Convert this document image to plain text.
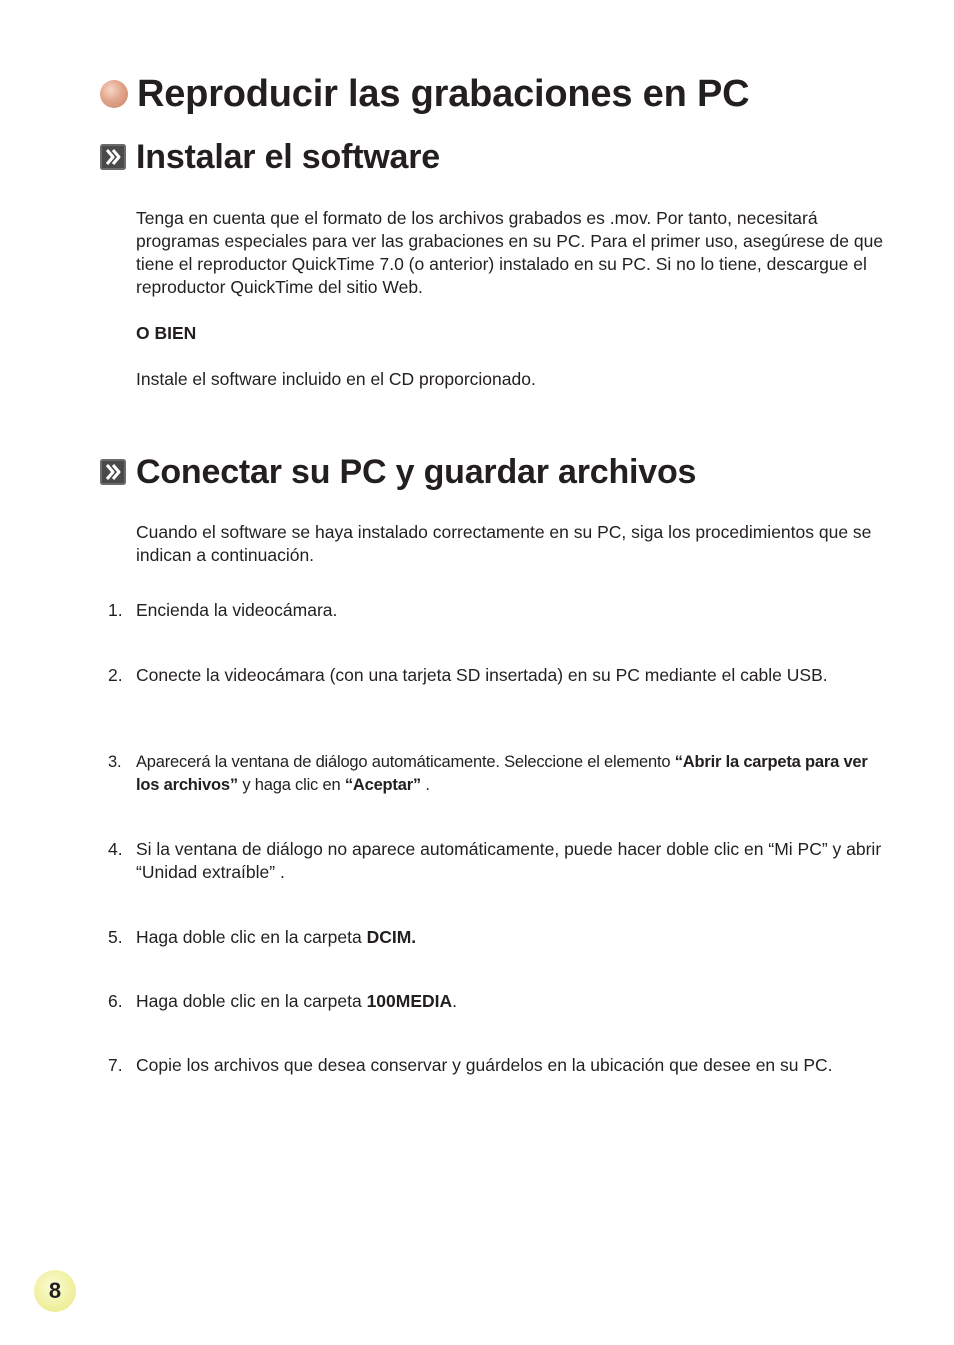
Reproducir las grabaciones en PC
Instalar el software

Tenga en cuenta que el formato de los archivos grabados es .mov. Por tanto, necesitará programas especiales para ver las grabaciones en su PC. Para el primer uso, asegúrese de que tiene el reproductor QuickTime 7.0 (o anterior) instalado en su PC. Si no lo tiene, descargue el reproductor QuickTime del sitio Web.

O BIEN

Instale el software incluido en el CD proporcionado.

Conectar su PC y guardar archivos

Cuando el software se haya instalado correctamente en su PC, siga los procedimientos que se indican a continuación.

1. Encienda la videocámara.
2. Conecte la videocámara (con una tarjeta SD insertada) en su PC mediante el cable USB.
3. Aparecerá la ventana de diálogo automáticamente. Seleccione el elemento “Abrir la carpeta para ver los archivos” y haga clic en “Aceptar” .
4. Si la ventana de diálogo no aparece automáticamente, puede hacer doble clic en “Mi PC” y abrir “Unidad extraíble” .
5. Haga doble clic en la carpeta DCIM.
6. Haga doble clic en la carpeta 100MEDIA.
7. Copie los archivos que desea conservar y guárdelos en la ubicación que desee en su PC.
8
